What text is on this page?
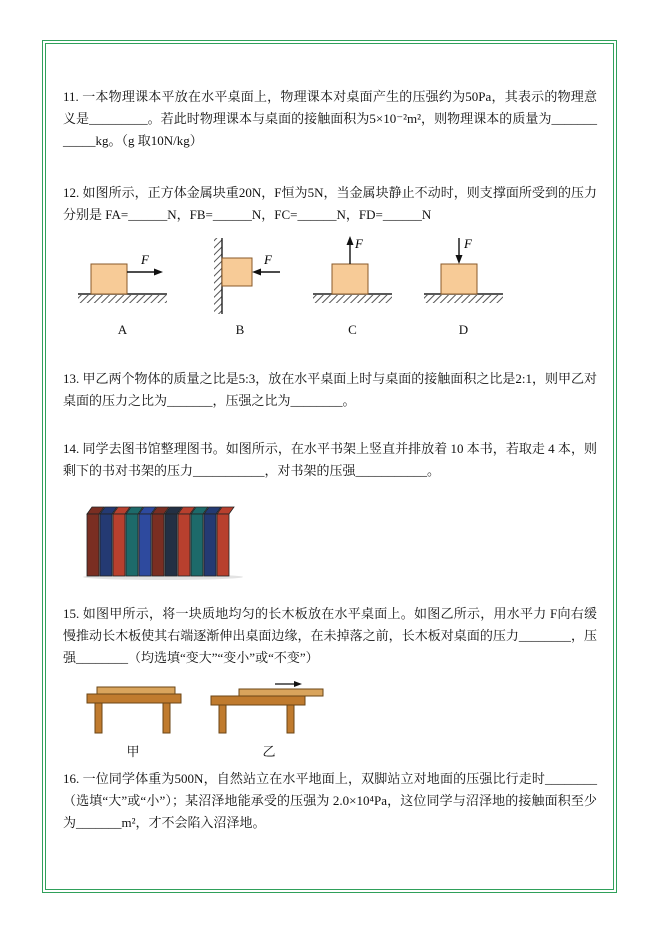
11. 一本物理课本平放在水平桌面上，物理课本对桌面产生的压强约为50Pa，其表示的物理意义是_________。若此时物理课本与桌面的接触面积为5×10⁻²m²，则物理课本的质量为____________kg。（g 取10N/kg）

12. 如图所示，正方体金属块重20N，F恒为5N，当金属块静止不动时，则支撑面所受到的压力分别是 FA=______N，FB=______N，FC=______N，FD=______N

F
A
F
B
F
C
F
D

13. 甲乙两个物体的质量之比是5:3，放在水平桌面上时与桌面的接触面积之比是2:1，则甲乙对桌面的压力之比为_______，压强之比为________。

14. 同学去图书馆整理图书。如图所示，在水平书架上竖直并排放着 10 本书，若取走 4 本，则剩下的书对书架的压力___________，对书架的压强___________。

15. 如图甲所示，将一块质地均匀的长木板放在水平桌面上。如图乙所示，用水平力 F向右缓慢推动长木板使其右端逐渐伸出桌面边缘，在未掉落之前，长木板对桌面的压力________，压强________（均选填“变大”“变小”或“不变”）

甲	乙

16. 一位同学体重为500N，自然站立在水平地面上，双脚站立对地面的压强比行走时________（选填“大”或“小”）；某沼泽地能承受的压强为 2.0×10⁴Pa，这位同学与沼泽地的接触面积至少为_______m²，才不会陷入沼泽地。
